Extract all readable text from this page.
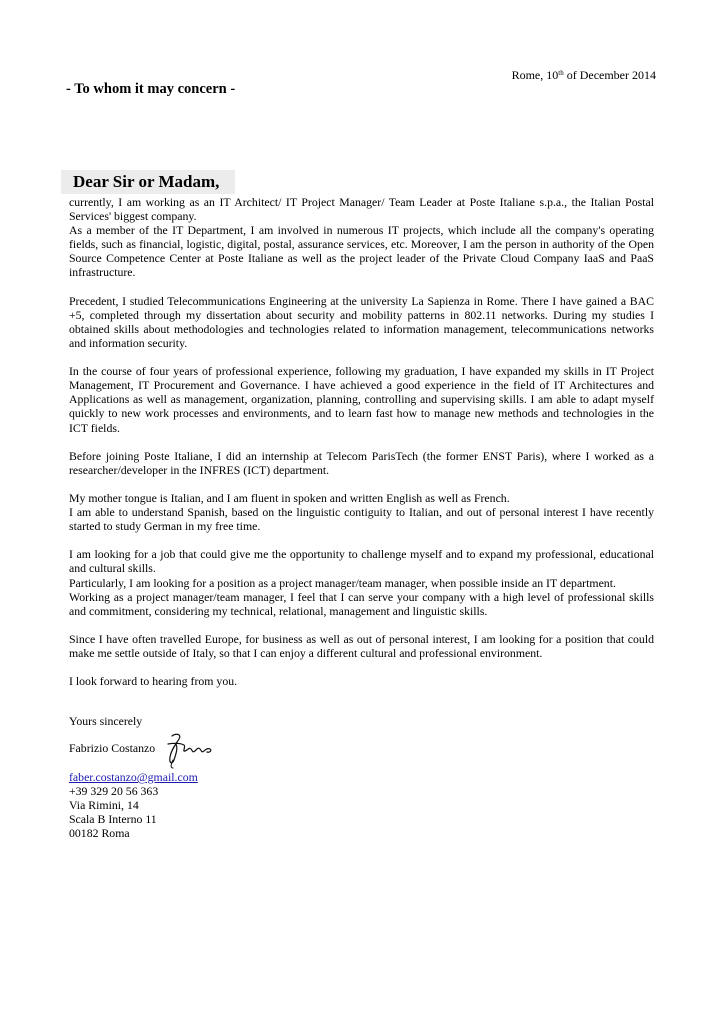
Rome, 10th of December 2014
- To whom it may concern -
Dear Sir or Madam,

currently, I am working as an IT Architect/ IT Project Manager/ Team Leader at Poste Italiane s.p.a., the Italian Postal Services' biggest company.

As a member of the IT Department, I am involved in numerous IT projects, which include all the company's operating fields, such as financial, logistic, digital, postal, assurance services, etc. Moreover, I am the person in authority of the Open Source Competence Center at Poste Italiane as well as the project leader of the Private Cloud Company IaaS and PaaS infrastructure.

Precedent, I studied Telecommunications Engineering at the university La Sapienza in Rome. There I have gained a BAC +5, completed through my dissertation about security and mobility patterns in 802.11 networks. During my studies I obtained skills about methodologies and technologies related to information management, telecommunications networks and information security.

In the course of four years of professional experience, following my graduation, I have expanded my skills in IT Project Management, IT Procurement and Governance. I have achieved a good experience in the field of IT Architectures and Applications as well as management, organization, planning, controlling and supervising skills. I am able to adapt myself quickly to new work processes and environments, and to learn fast how to manage new methods and technologies in the ICT fields.

Before joining Poste Italiane, I did an internship at Telecom ParisTech (the former ENST Paris), where I worked as a researcher/developer in the INFRES (ICT) department.

My mother tongue is Italian, and I am fluent in spoken and written English as well as French.

I am able to understand Spanish, based on the linguistic contiguity to Italian, and out of personal interest I have recently started to study German in my free time.

I am looking for a job that could give me the opportunity to challenge myself and to expand my professional, educational and cultural skills.

Particularly, I am looking for a position as a project manager/team manager, when possible inside an IT department.

Working as a project manager/team manager, I feel that I can serve your company with a high level of professional skills and commitment, considering my technical, relational, management and linguistic skills.

Since I have often travelled Europe, for business as well as out of personal interest, I am looking for a position that could make me settle outside of Italy, so that I can enjoy a different cultural and professional environment.

I look forward to hearing from you.

Yours sincerely
Fabrizio Costanzo
faber.costanzo@gmail.com
+39 329 20 56 363
Via Rimini, 14
Scala B Interno 11
00182 Roma
